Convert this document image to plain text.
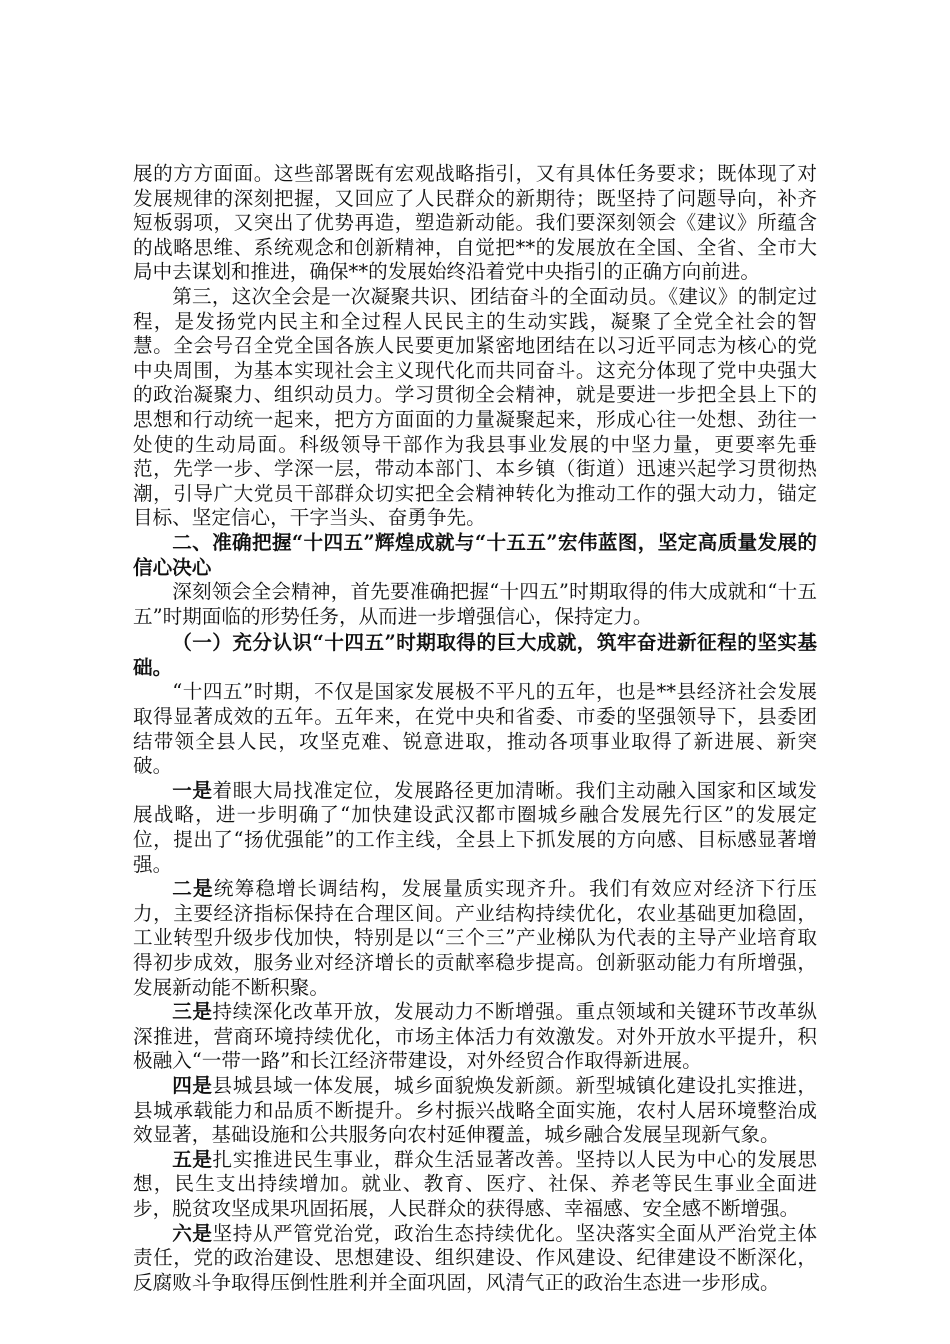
展的方方面面。这些部署既有宏观战略指引，又有具体任务要求；既体现了对发展规律的深刻把握，又回应了人民群众的新期待；既坚持了问题导向，补齐短板弱项，又突出了优势再造，塑造新动能。我们要深刻领会《建议》所蕴含的战略思维、系统观念和创新精神，自觉把**的发展放在全国、全省、全市大局中去谋划和推进，确保**的发展始终沿着党中央指引的正确方向前进。

第三，这次全会是一次凝聚共识、团结奋斗的全面动员。《建议》的制定过程，是发扬党内民主和全过程人民民主的生动实践，凝聚了全党全社会的智慧。全会号召全党全国各族人民要更加紧密地团结在以习近平同志为核心的党中央周围，为基本实现社会主义现代化而共同奋斗。这充分体现了党中央强大的政治凝聚力、组织动员力。学习贯彻全会精神，就是要进一步把全县上下的思想和行动统一起来，把方方面面的力量凝聚起来，形成心往一处想、劲往一处使的生动局面。科级领导干部作为我县事业发展的中坚力量，更要率先垂范，先学一步、学深一层，带动本部门、本乡镇（街道）迅速兴起学习贯彻热潮，引导广大党员干部群众切实把全会精神转化为推动工作的强大动力，锚定目标、坚定信心，干字当头、奋勇争先。

二、准确把握“十四五”辉煌成就与“十五五”宏伟蓝图，坚定高质量发展的信心决心

深刻领会全会精神，首先要准确把握“十四五”时期取得的伟大成就和“十五五”时期面临的形势任务，从而进一步增强信心，保持定力。

（一）充分认识“十四五”时期取得的巨大成就，筑牢奋进新征程的坚实基础。

“十四五”时期，不仅是国家发展极不平凡的五年，也是**县经济社会发展取得显著成效的五年。五年来，在党中央和省委、市委的坚强领导下，县委团结带领全县人民，攻坚克难、锐意进取，推动各项事业取得了新进展、新突破。

一是着眼大局找准定位，发展路径更加清晰。我们主动融入国家和区域发展战略，进一步明确了“加快建设武汉都市圈城乡融合发展先行区”的发展定位，提出了“扬优强能”的工作主线，全县上下抓发展的方向感、目标感显著增强。

二是统筹稳增长调结构，发展量质实现齐升。我们有效应对经济下行压力，主要经济指标保持在合理区间。产业结构持续优化，农业基础更加稳固，工业转型升级步伐加快，特别是以“三个三”产业梯队为代表的主导产业培育取得初步成效，服务业对经济增长的贡献率稳步提高。创新驱动能力有所增强，发展新动能不断积聚。

三是持续深化改革开放，发展动力不断增强。重点领域和关键环节改革纵深推进，营商环境持续优化，市场主体活力有效激发。对外开放水平提升，积极融入“一带一路”和长江经济带建设，对外经贸合作取得新进展。

四是县城县域一体发展，城乡面貌焕发新颜。新型城镇化建设扎实推进，县城承载能力和品质不断提升。乡村振兴战略全面实施，农村人居环境整治成效显著，基础设施和公共服务向农村延伸覆盖，城乡融合发展呈现新气象。

五是扎实推进民生事业，群众生活显著改善。坚持以人民为中心的发展思想，民生支出持续增加。就业、教育、医疗、社保、养老等民生事业全面进步，脱贫攻坚成果巩固拓展，人民群众的获得感、幸福感、安全感不断增强。

六是坚持从严管党治党，政治生态持续优化。坚决落实全面从严治党主体责任，党的政治建设、思想建设、组织建设、作风建设、纪律建设不断深化，反腐败斗争取得压倒性胜利并全面巩固，风清气正的政治生态进一步形成。
